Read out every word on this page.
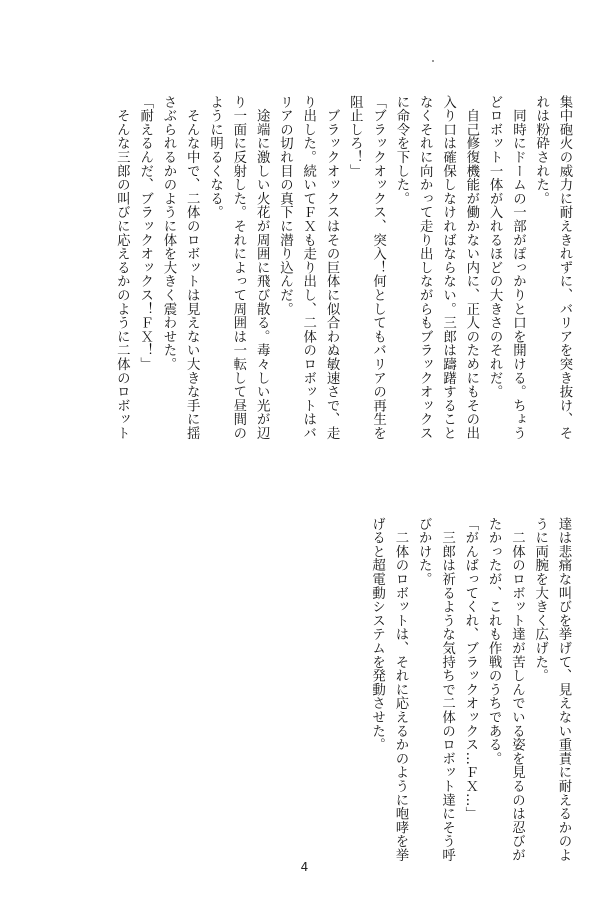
集中砲火の威力に耐えきれずに、バリアを突き抜け、そ

れは粉砕された。

　同時にドームの一部がぽっかりと口を開ける。ちょう

どロボット一体が入れるほどの大きさのそれだ。

　自己修復機能が働かない内に、正人のためにもその出

入り口は確保しなければならない。三郎は躊躇すること

なくそれに向かって走り出しながらもブラックオックス

に命令を下した。

「ブラックオックス、突入！何としてもバリアの再生を

阻止しろ！」

　ブラックオックスはその巨体に似合わぬ敏速さで、走

り出した。続いてＦＸも走り出し、二体のロボットはバ

リアの切れ目の真下に潜り込んだ。

　途端に激しい火花が周囲に飛び散る。毒々しい光が辺

り一面に反射した。それによって周囲は一転して昼間の

ように明るくなる。

　そんな中で、二体のロボットは見えない大きな手に揺

さぶられるかのように体を大きく震わせた。

「耐えるんだ、ブラックオックス！ＦＸ！」

　そんな三郎の叫びに応えるかのように二体のロボット

達は悲痛な叫びを挙げて、見えない重責に耐えるかのよ

うに両腕を大きく広げた。

　二体のロボット達が苦しんでいる姿を見るのは忍びが

たかったが、これも作戦のうちである。

「がんばってくれ、ブラックオックス…ＦＸ…」

　三郎は祈るような気持ちで二体のロボット達にそう呼

びかけた。

　二体のロボットは、それに応えるかのように咆哮を挙

げると超電動システムを発動させた。

4
